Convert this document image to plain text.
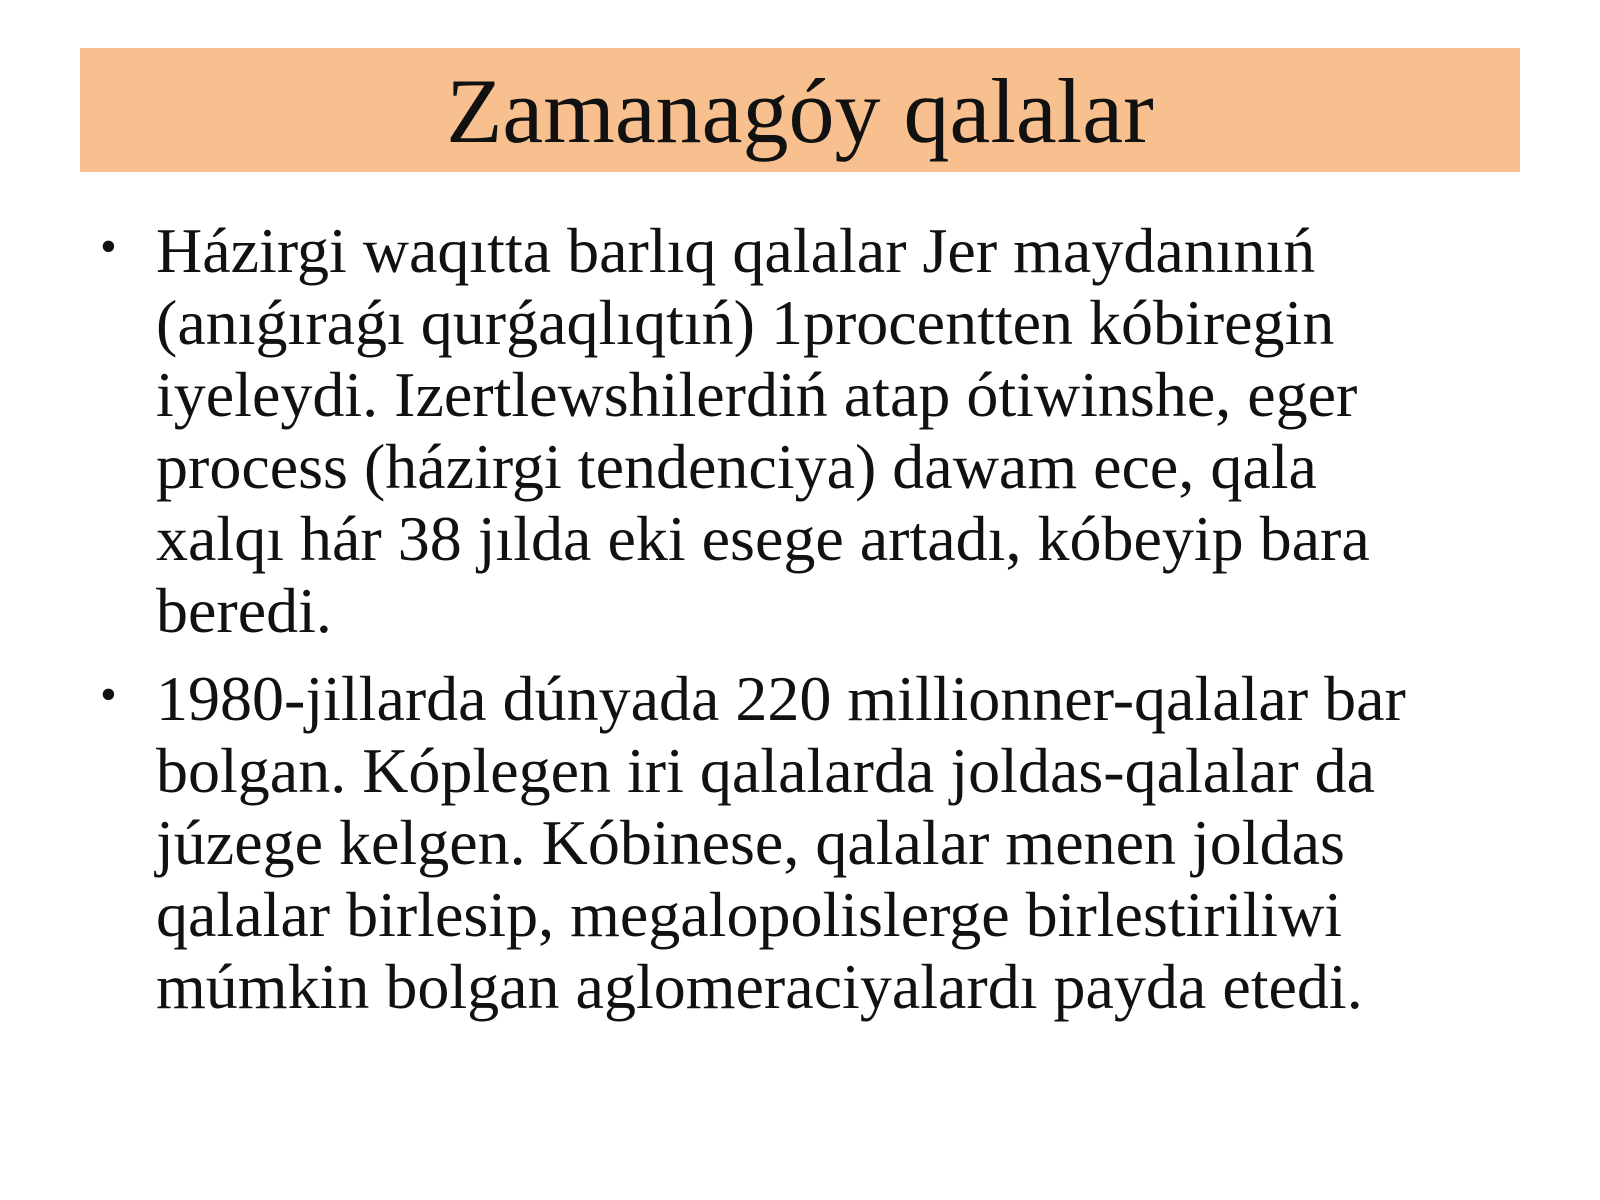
Zamanagóy qalalar
• Házirgi waqıtta barlıq qalalar Jer maydanınıń
(anıǵıraǵı qurǵaqlıqtıń) 1procentten kóbiregin
iyeleydi. Izertlewshilerdiń atap ótiwinshe, eger
process (házirgi tendenciya) dawam ece, qala
xalqı hár 38 jılda eki esege artadı, kóbeyip bara
beredi.
• 1980-jillarda dúnyada 220 millionner-qalalar bar
bolgan. Kóplegen iri qalalarda joldas-qalalar da
júzege kelgen. Kóbinese, qalalar menen joldas
qalalar birlesip, megalopolislerge birlestiriliwi
múmkin bolgan aglomeraciyalardı payda etedi.
